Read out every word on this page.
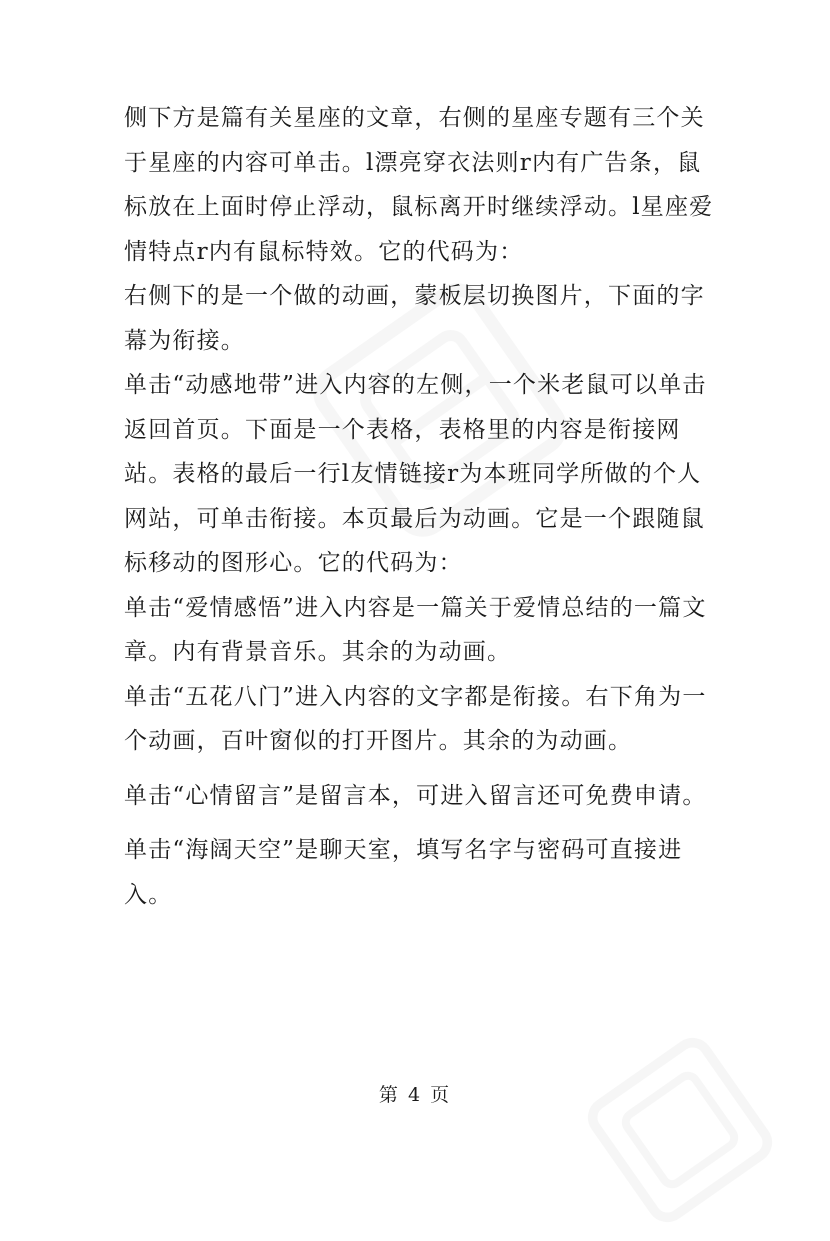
侧下方是篇有关星座的文章，右侧的星座专题有三个关于星座的内容可单击。l漂亮穿衣法则r内有广告条，鼠标放在上面时停止浮动，鼠标离开时继续浮动。l星座爱情特点r内有鼠标特效。它的代码为：

右侧下的是一个做的动画，蒙板层切换图片，下面的字幕为衔接。

单击“动感地带”进入内容的左侧，一个米老鼠可以单击返回首页。下面是一个表格，表格里的内容是衔接网站。表格的最后一行l友情链接r为本班同学所做的个人网站，可单击衔接。本页最后为动画。它是一个跟随鼠标移动的图形心。它的代码为：

单击“爱情感悟”进入内容是一篇关于爱情总结的一篇文章。内有背景音乐。其余的为动画。

单击“五花八门”进入内容的文字都是衔接。右下角为一个动画，百叶窗似的打开图片。其余的为动画。

单击“心情留言”是留言本，可进入留言还可免费申请。

单击“海阔天空”是聊天室，填写名字与密码可直接进入。

第 4 页
